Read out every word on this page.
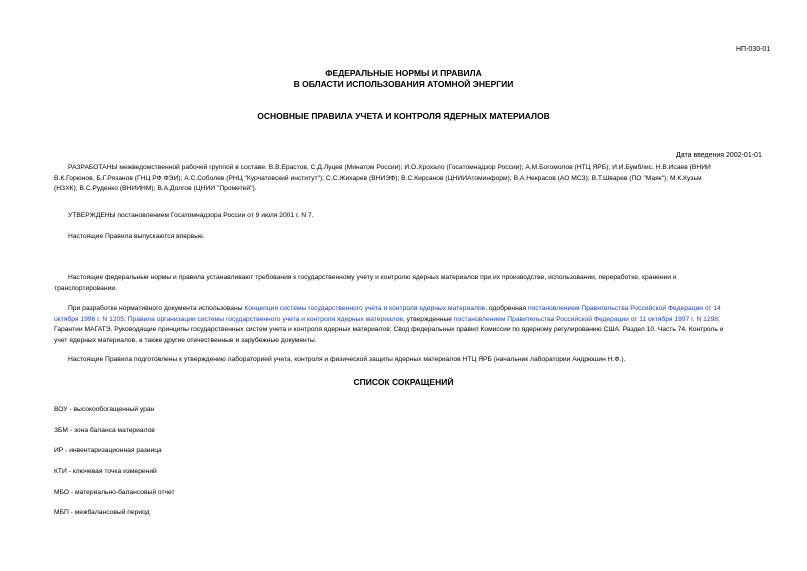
НП-030-01
ФЕДЕРАЛЬНЫЕ НОРМЫ И ПРАВИЛА
В ОБЛАСТИ ИСПОЛЬЗОВАНИЯ АТОМНОЙ ЭНЕРГИИ
ОСНОВНЫЕ ПРАВИЛА УЧЕТА И КОНТРОЛЯ ЯДЕРНЫХ МАТЕРИАЛОВ
Дата введения 2002-01-01
РАЗРАБОТАНЫ межведомственной рабочей группой в составе: В.В.Ерастов, С.Д.Луцев (Минатом России); И.О.Хрохало (Госатомнадзор России); А.М.Богомолов (НТЦ ЯРБ); И.И.Бумблис, Н.В.Исаев (ВНИИ
В.К.Горюнов, Б.Г.Рязанов (ГНЦ РФ ФЭИ); А.С.Соболев (РНЦ "Курчатовский институт"); С.С.Жихарев (ВНИЭФ); В.С.Кирсанов (ЦНИИАтоминформ); В.А.Некрасов (АО МСЗ); В.Т.Шварев (ПО "Маяк"); М.К.Кузьм
(НЗХК); В.С.Руденко (ВНИИНМ); В.А.Долгов (ЦНИИ "Прометей").
УТВЕРЖДЕНЫ постановлением Госатомнадзора России от 9 июля 2001 г. N 7.
Настоящие Правила выпускаются впервые.
Настоящие федеральные нормы и правила устанавливают требования к государственному учету и контролю ядерных материалов при их производстве, использовании, переработке, хранении и
транспортировании.
При разработке нормативного документа использованы Концепция системы государственного учета и контроля ядерных материалов, одобренная постановлением Правительства Российской Федерации от 14
октября 1996 г. N 1205; Правила организации системы государственного учета и контроля ядерных материалов, утвержденные постановлением Правительства Российской Федерации от 11 октября 1997 г. N 1298;
Гарантии МАГАТЭ. Руководящие принципы государственных систем учета и контроля ядерных материалов; Свод федеральных правил Комиссии по ядерному регулированию США. Раздел 10. Часть 74. Контроль и
учет ядерных материалов, а также другие отечественные и зарубежные документы.
Настоящие Правила подготовлены к утверждению лабораторией учета, контроля и физической защиты ядерных материалов НТЦ ЯРБ (начальник лаборатории Андрюшин Н.Ф.).
СПИСОК СОКРАЩЕНИЙ
ВОУ - высокообогащенный уран
ЗБМ - зона баланса материалов
ИР - инвентаризационная разница
КТИ - ключевая точка измерений
МБО - материально-балансовый отчет
МБП - межбалансовый период
